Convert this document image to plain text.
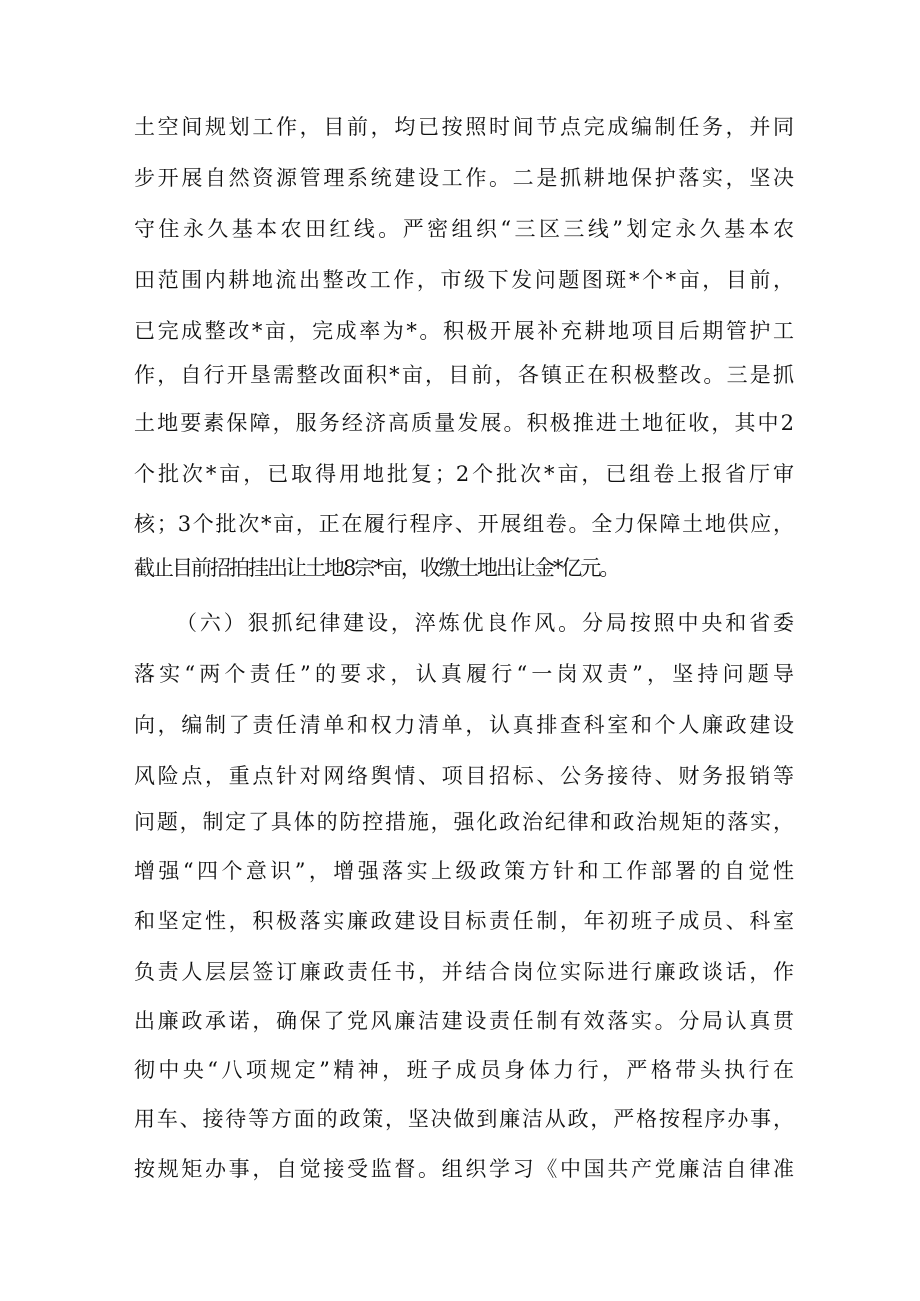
土空间规划工作，目前，均已按照时间节点完成编制任务，并同
步开展自然资源管理系统建设工作。二是抓耕地保护落实，坚决
守住永久基本农田红线。严密组织“三区三线”划定永久基本农
田范围内耕地流出整改工作，市级下发问题图斑*个*亩，目前，
已完成整改*亩，完成率为*。积极开展补充耕地项目后期管护工
作，自行开垦需整改面积*亩，目前，各镇正在积极整改。三是抓
土地要素保障，服务经济高质量发展。积极推进土地征收，其中2
个批次*亩，已取得用地批复；2个批次*亩，已组卷上报省厅审
核；3个批次*亩，正在履行程序、开展组卷。全力保障土地供应，
截止目前招拍挂出让土地8宗*亩，收缴土地出让金*亿元。
（六）狠抓纪律建设，淬炼优良作风。分局按照中央和省委
落实“两个责任”的要求，认真履行“一岗双责”，坚持问题导
向，编制了责任清单和权力清单，认真排查科室和个人廉政建设
风险点，重点针对网络舆情、项目招标、公务接待、财务报销等
问题，制定了具体的防控措施，强化政治纪律和政治规矩的落实，
增强“四个意识”，增强落实上级政策方针和工作部署的自觉性
和坚定性，积极落实廉政建设目标责任制，年初班子成员、科室
负责人层层签订廉政责任书，并结合岗位实际进行廉政谈话，作
出廉政承诺，确保了党风廉洁建设责任制有效落实。分局认真贯
彻中央“八项规定”精神，班子成员身体力行，严格带头执行在
用车、接待等方面的政策，坚决做到廉洁从政，严格按程序办事，
按规矩办事，自觉接受监督。组织学习《中国共产党廉洁自律准
